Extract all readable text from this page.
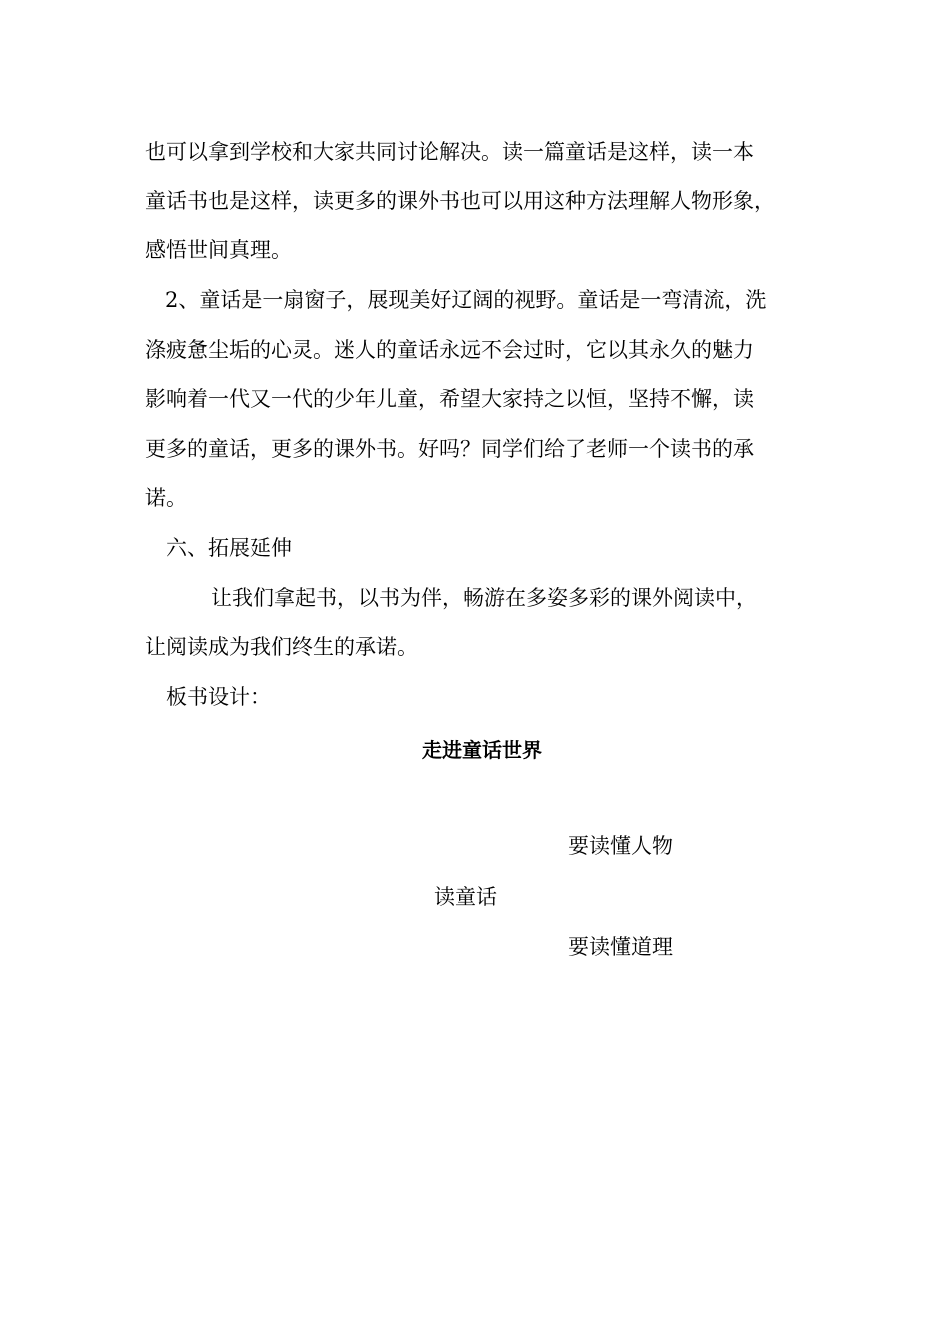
也可以拿到学校和大家共同讨论解决。读一篇童话是这样，读一本
童话书也是这样，读更多的课外书也可以用这种方法理解人物形象，
感悟世间真理。
2、童话是一扇窗子，展现美好辽阔的视野。童话是一弯清流，洗
涤疲惫尘垢的心灵。迷人的童话永远不会过时，它以其永久的魅力
影响着一代又一代的少年儿童，希望大家持之以恒，坚持不懈，读
更多的童话，更多的课外书。好吗？同学们给了老师一个读书的承
诺。
六、拓展延伸
让我们拿起书，以书为伴，畅游在多姿多彩的课外阅读中，
让阅读成为我们终生的承诺。
板书设计：
走进童话世界
要读懂人物
读童话
要读懂道理
